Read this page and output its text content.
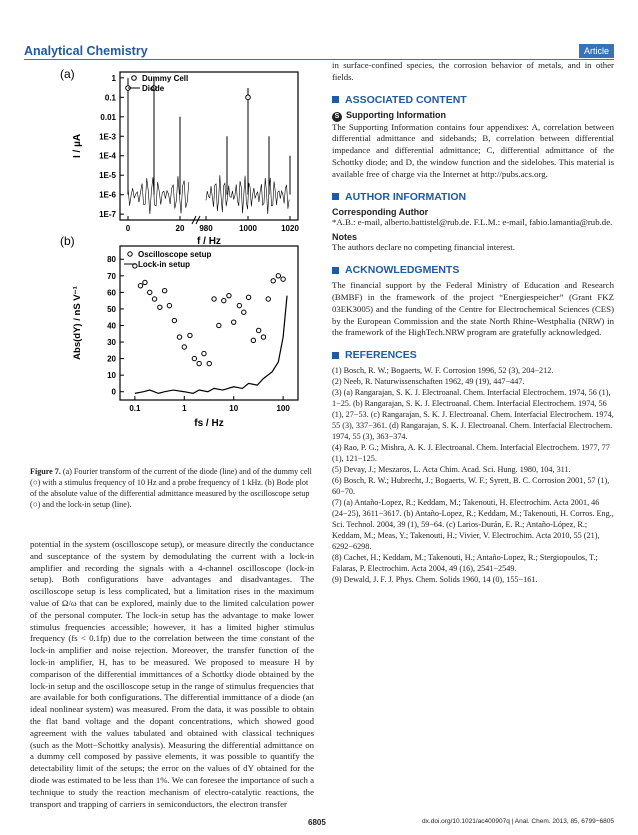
Analytical Chemistry	Article
(a)	1
0.1
0.01
1E-3
1E-4
1E-5
1E-6
1E-7
0	20 980	1000	1020
f / Hz
I / µA
Dummy Cell
Diode
(b)
0
10
20
30
40
50
60
70
80
0.1	1	10	100
fs / Hz
Abs(dY) / nS V⁻¹
Oscilloscope setup
Lock-in setup
Figure 7. (a) Fourier transform of the current of the diode (line) and of the dummy cell (○) with a stimulus frequency of 10 Hz and a probe frequency of 1 kHz. (b) Bode plot of the absolute value of the differential admittance measured by the oscilloscope setup (○) and the lock-in setup (line).
potential in the system (oscilloscope setup), or measure directly the conductance and susceptance of the system by demodulating the current with a lock-in amplifier and recording the signals with a 4-channel oscilloscope (lock-in setup). Both configurations have advantages and disadvantages. The oscilloscope setup is less complicated, but a limitation rises in the maximum value of Ω/ω that can be explored, mainly due to the limited calculation power of the personal computer. The lock-in setup has the advantage to make lower stimulus frequencies accessible; however, it has a limited higher stimulus frequency (fs < 0.1fp) due to the correlation between the time constant of the lock-in amplifier and noise rejection. Moreover, the transfer function of the lock-in amplifier, H, has to be measured. We proposed to measure H by comparison of the differential immittances of a Schottky diode obtained by the lock-in setup and the oscilloscope setup in the range of stimulus frequencies that are available for both configurations. The differential immittance of a diode (an ideal nonlinear system) was measured. From the data, it was possible to obtain the flat band voltage and the dopant concentrations, which showed good agreement with the values tabulated and obtained with classical techniques (such as the Mott−Schottky analysis). Measuring the differential admittance on a dummy cell composed by passive elements, it was possible to quantify the detectability limit of the setups; the error on the values of dY obtained for the diode was estimated to be less than 1%. We can foresee the importance of such a technique to study the reaction mechanism of electro-catalytic reactions, the transport and trapping of carriers in semiconductors, the electron transfer
in surface-confined species, the corrosion behavior of metals, and in other fields.
ASSOCIATED CONTENT
S Supporting Information
The Supporting Information contains four appendixes: A, correlation between differential admittance and sidebands; B, correlation between differential impedance and differential admittance; C, differential admittance of the Schottky diode; and D, the window function and the sidelobes. This material is available free of charge via the Internet at http://pubs.acs.org.
AUTHOR INFORMATION
Corresponding Author
*A.B.: e-mail, alberto.battistel@rub.de. F.L.M.: e-mail, fabio.lamantia@rub.de.
Notes
The authors declare no competing financial interest.
ACKNOWLEDGMENTS
The financial support by the Federal Ministry of Education and Research (BMBF) in the framework of the project “Energiespeicher” (Grant FKZ 03EK3005) and the funding of the Centre for Electrochemical Sciences (CES) by the European Commission and the state North Rhine-Westphalia (NRW) in the framework of the HighTech.NRW program are gratefully acknowledged.
REFERENCES
(1) Bosch, R. W.; Bogaerts, W. F. Corrosion 1996, 52 (3), 204−212.
(2) Neeb, R. Naturwissenschaften 1962, 49 (19), 447−447.
(3) (a) Rangarajan, S. K. J. Electroanal. Chem. Interfacial Electrochem. 1974, 56 (1), 1−25. (b) Rangarajan, S. K. J. Electroanal. Chem. Interfacial Electrochem. 1974, 56 (1), 27−53. (c) Rangarajan, S. K. J. Electroanal. Chem. Interfacial Electrochem. 1974, 55 (3), 337−361. (d) Rangarajan, S. K. J. Electroanal. Chem. Interfacial Electrochem. 1974, 55 (3), 363−374.
(4) Rao, P. G.; Mishra, A. K. J. Electroanal. Chem. Interfacial Electrochem. 1977, 77 (1), 121−125.
(5) Devay, J.; Meszaros, L. Acta Chim. Acad. Sci. Hung. 1980, 104, 311.
(6) Bosch, R. W.; Hubrecht, J.; Bogaerts, W. F.; Syrett, B. C. Corrosion 2001, 57 (1), 60−70.
(7) (a) Antaño-Lopez, R.; Keddam, M.; Takenouti, H. Electrochim. Acta 2001, 46 (24−25), 3611−3617. (b) Antaño-Lopez, R.; Keddam, M.; Takenouti, H. Corros. Eng., Sci. Technol. 2004, 39 (1), 59−64. (c) Larios-Durán, E. R.; Antaño-López, R.; Keddam, M.; Meas, Y.; Takenouti, H.; Vivier, V. Electrochim. Acta 2010, 55 (21), 6292−6298.
(8) Cachet, H.; Keddam, M.; Takenouti, H.; Antaño-Lopez, R.; Stergiopoulos, T.; Falaras, P. Electrochim. Acta 2004, 49 (16), 2541−2549.
(9) Dewald, J. F. J. Phys. Chem. Solids 1960, 14 (0), 155−161.
6805	dx.doi.org/10.1021/ac400907q | Anal. Chem. 2013, 85, 6799−6805
